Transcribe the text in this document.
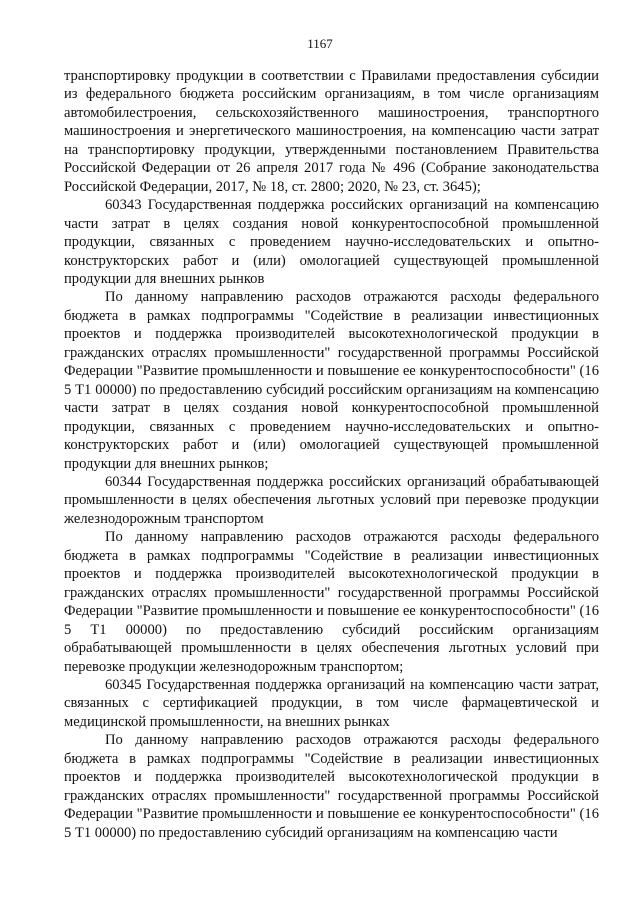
1167

транспортировку продукции в соответствии с Правилами предоставления субсидии из федерального бюджета российским организациям, в том числе организациям автомобилестроения, сельскохозяйственного машиностроения, транспортного машиностроения и энергетического машиностроения, на компенсацию части затрат на транспортировку продукции, утвержденными постановлением Правительства Российской Федерации от 26 апреля 2017 года № 496 (Собрание законодательства Российской Федерации, 2017, № 18, ст. 2800; 2020, № 23, ст. 3645);

60343 Государственная поддержка российских организаций на компенсацию части затрат в целях создания новой конкурентоспособной промышленной продукции, связанных с проведением научно-исследовательских и опытно-конструкторских работ и (или) омологацией существующей промышленной продукции для внешних рынков

По данному направлению расходов отражаются расходы федерального бюджета в рамках подпрограммы "Содействие в реализации инвестиционных проектов и поддержка производителей высокотехнологической продукции в гражданских отраслях промышленности" государственной программы Российской Федерации "Развитие промышленности и повышение ее конкурентоспособности" (16 5 Т1 00000) по предоставлению субсидий российским организациям на компенсацию части затрат в целях создания новой конкурентоспособной промышленной продукции, связанных с проведением научно-исследовательских и опытно-конструкторских работ и (или) омологацией существующей промышленной продукции для внешних рынков;

60344 Государственная поддержка российских организаций обрабатывающей промышленности в целях обеспечения льготных условий при перевозке продукции железнодорожным транспортом

По данному направлению расходов отражаются расходы федерального бюджета в рамках подпрограммы "Содействие в реализации инвестиционных проектов и поддержка производителей высокотехнологической продукции в гражданских отраслях промышленности" государственной программы Российской Федерации "Развитие промышленности и повышение ее конкурентоспособности" (16 5 Т1 00000) по предоставлению субсидий российским организациям обрабатывающей промышленности в целях обеспечения льготных условий при перевозке продукции железнодорожным транспортом;

60345 Государственная поддержка организаций на компенсацию части затрат, связанных с сертификацией продукции, в том числе фармацевтической и медицинской промышленности, на внешних рынках

По данному направлению расходов отражаются расходы федерального бюджета в рамках подпрограммы "Содействие в реализации инвестиционных проектов и поддержка производителей высокотехнологической продукции в гражданских отраслях промышленности" государственной программы Российской Федерации "Развитие промышленности и повышение ее конкурентоспособности" (16 5 Т1 00000) по предоставлению субсидий организациям на компенсацию части
